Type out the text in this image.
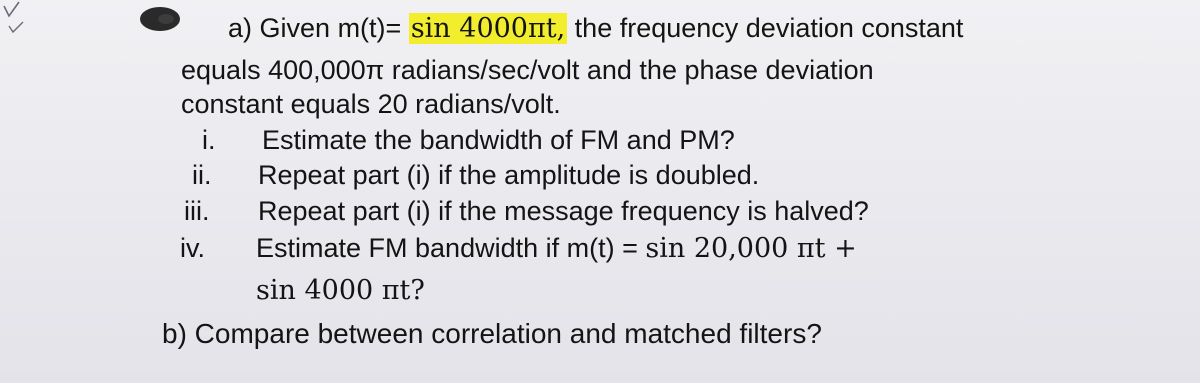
a) Given m(t)= sin 4000πt, the frequency deviation constant
equals 400,000π radians/sec/volt and the phase deviation
constant equals 20 radians/volt.
i. Estimate the bandwidth of FM and PM?
ii. Repeat part (i) if the amplitude is doubled.
iii. Repeat part (i) if the message frequency is halved?
iv. Estimate FM bandwidth if m(t) = sin 20,000 πt +
sin 4000 πt?
b) Compare between correlation and matched filters?
